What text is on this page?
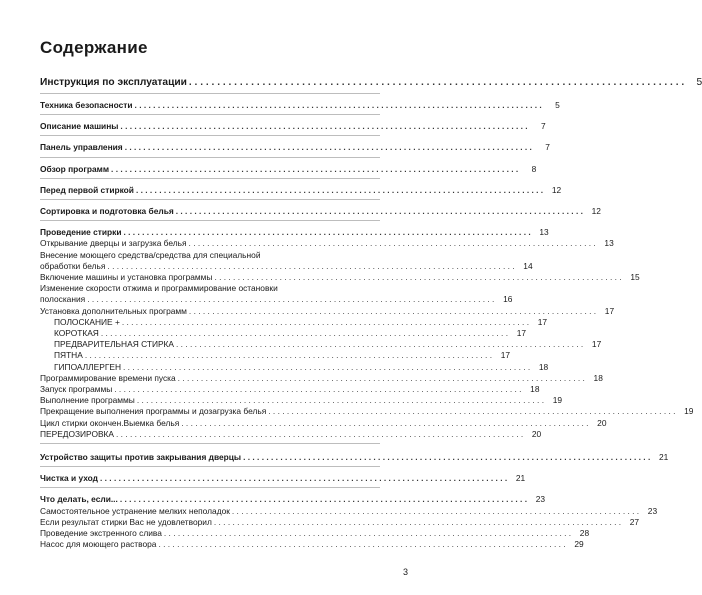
Содержание
Инструкция по эксплуатации . . .	5
Техника безопасности . . .	5
Описание машины . . .	7
Панель управления . . .	7
Обзор программ . . .	8
Перед первой стиркой . . .	12
Сортировка и подготовка белья . . .	12
Проведение стирки . . .	13
Открывание дверцы и загрузка белья . . .	13
Внесение моющего средства/средства для специальной
обработки белья . . .	14
Включение машины и установка программы . . .	15
Изменение скорости отжима и программирование остановки
полоскания . . .	16
Установка дополнительных программ . . .	17
ПОЛОСКАНИЕ + . . .	17
КОРОТКАЯ . . .	17
ПРЕДВАРИТЕЛЬНАЯ СТИРКА . . .	17
ПЯТНА . . .	17
ГИПОАЛЛЕРГЕН . . .	18
Программирование времени пуска . . .	18
Запуск программы . . .	18
Выполнение программы . . .	19
Прекращение выполнения программы и дозагрузка белья . . .	19
Цикл стирки окончен.Выемка белья . . .	20
ПЕРЕДОЗИРОВКА . . .	20
Устройство защиты против закрывания дверцы . . .	21
Чистка и уход . . .	21
Что делать, если... . . .	23
Самостоятельное устранение мелких неполадок . . .	23
Если результат стирки Вас не удовлетворил . . .	27
Проведение экстренного слива . . .	28
Насос для моющего раствора . . .	29
3
